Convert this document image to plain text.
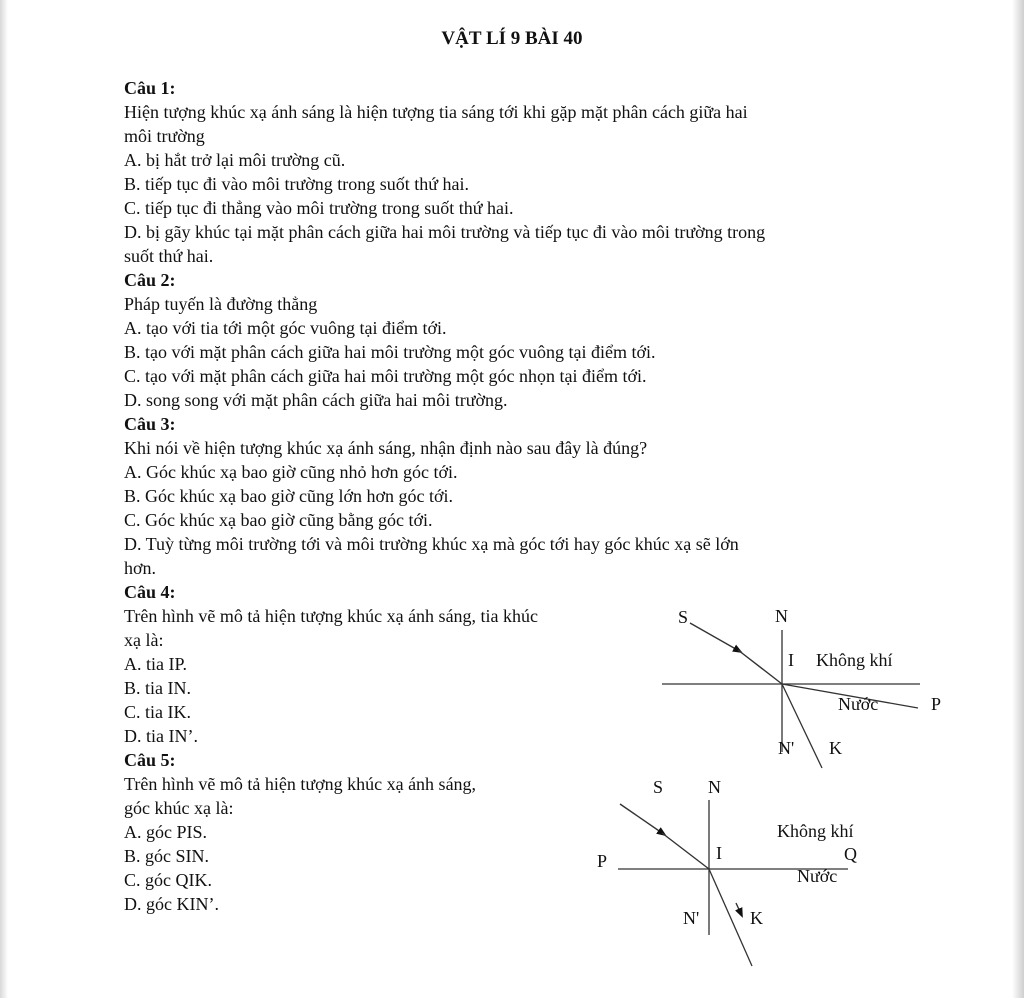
VẬT LÍ 9 BÀI 40
Câu 1:
Hiện tượng khúc xạ ánh sáng là hiện tượng tia sáng tới khi gặp mặt phân cách giữa hai
môi trường
A. bị hắt trở lại môi trường cũ.
B. tiếp tục đi vào môi trường trong suốt thứ hai.
C. tiếp tục đi thẳng vào môi trường trong suốt thứ hai.
D. bị gãy khúc tại mặt phân cách giữa hai môi trường và tiếp tục đi vào môi trường trong
suốt thứ hai.
Câu 2:
Pháp tuyến là đường thẳng
A. tạo với tia tới một góc vuông tại điểm tới.
B. tạo với mặt phân cách giữa hai môi trường một góc vuông tại điểm tới.
C. tạo với mặt phân cách giữa hai môi trường một góc nhọn tại điểm tới.
D. song song với mặt phân cách giữa hai môi trường.
Câu 3:
Khi nói về hiện tượng khúc xạ ánh sáng, nhận định nào sau đây là đúng?
A. Góc khúc xạ bao giờ cũng nhỏ hơn góc tới.
B. Góc khúc xạ bao giờ cũng lớn hơn góc tới.
C. Góc khúc xạ bao giờ cũng bằng góc tới.
D. Tuỳ từng môi trường tới và môi trường khúc xạ mà góc tới hay góc khúc xạ sẽ lớn
hơn.
Câu 4:
Trên hình vẽ mô tả hiện tượng khúc xạ ánh sáng, tia khúc
xạ là:
A. tia IP.
B. tia IN.
C. tia IK.
D. tia IN’.
Câu 5:
Trên hình vẽ mô tả hiện tượng khúc xạ ánh sáng,
góc khúc xạ là:
A. góc PIS.
B. góc SIN.
C. góc QIK.
D. góc KIN’.
S	N
I Không khí
Nước	P
N' K
S N
Không khí
I	Q
P
Nước
N'	K
